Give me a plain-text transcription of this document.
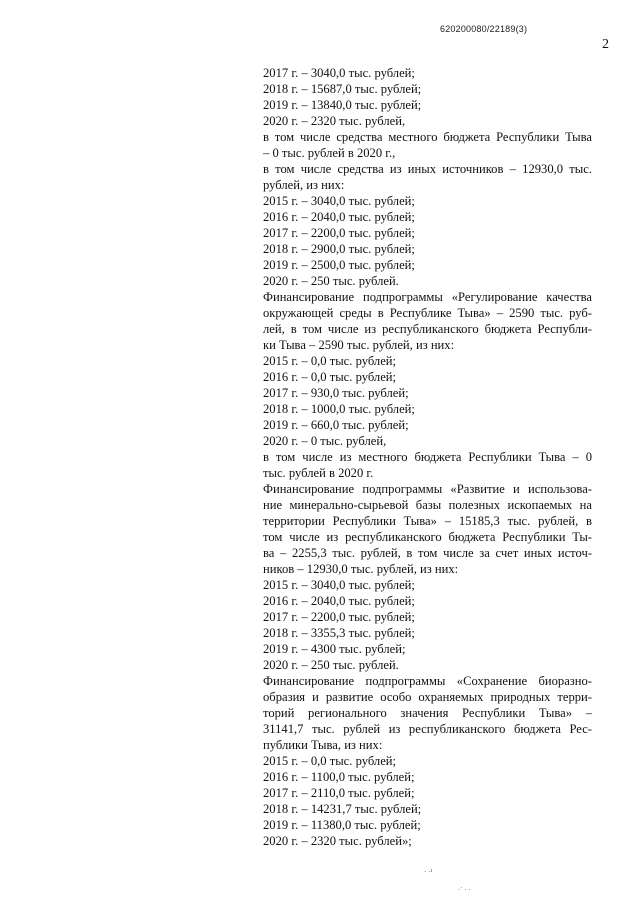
620200080/22189(3)
2
2017 г. – 3040,0 тыс. рублей;
2018 г. – 15687,0 тыс. рублей;
2019 г. – 13840,0 тыс. рублей;
2020 г. – 2320 тыс. рублей,
в том числе средства местного бюджета Республики Тыва
– 0 тыс. рублей в 2020 г.,
в том числе средства из иных источников – 12930,0 тыс.
рублей, из них:
2015 г. – 3040,0 тыс. рублей;
2016 г. – 2040,0 тыс. рублей;
2017 г. – 2200,0 тыс. рублей;
2018 г. – 2900,0 тыс. рублей;
2019 г. – 2500,0 тыс. рублей;
2020 г. – 250 тыс. рублей.
Финансирование подпрограммы «Регулирование качества
окружающей среды в Республике Тыва» – 2590 тыс. руб-
лей, в том числе из республиканского бюджета Республи-
ки Тыва – 2590 тыс. рублей, из них:
2015 г. – 0,0 тыс. рублей;
2016 г. – 0,0 тыс. рублей;
2017 г. – 930,0 тыс. рублей;
2018 г. – 1000,0 тыс. рублей;
2019 г. – 660,0 тыс. рублей;
2020 г. – 0 тыс. рублей,
в том числе из местного бюджета Республики Тыва – 0
тыс. рублей в 2020 г.
Финансирование подпрограммы «Развитие и использова-
ние минерально-сырьевой базы полезных ископаемых на
территории Республики Тыва» – 15185,3 тыс. рублей, в
том числе из республиканского бюджета Республики Ты-
ва – 2255,3 тыс. рублей, в том числе за счет иных источ-
ников – 12930,0 тыс. рублей, из них:
2015 г. – 3040,0 тыс. рублей;
2016 г. – 2040,0 тыс. рублей;
2017 г. – 2200,0 тыс. рублей;
2018 г. – 3355,3 тыс. рублей;
2019 г. – 4300 тыс. рублей;
2020 г. – 250 тыс. рублей.
Финансирование подпрограммы «Сохранение биоразно-
образия и развитие особо охраняемых природных терри-
торий регионального значения Республики Тыва» –
31141,7 тыс. рублей из республиканского бюджета Рес-
публики Тыва, из них:
2015 г. – 0,0 тыс. рублей;
2016 г. – 1100,0 тыс. рублей;
2017 г. – 2110,0 тыс. рублей;
2018 г. – 14231,7 тыс. рублей;
2019 г. – 11380,0 тыс. рублей;
2020 г. – 2320 тыс. рублей»;
· ·¹
·˙ · ·
